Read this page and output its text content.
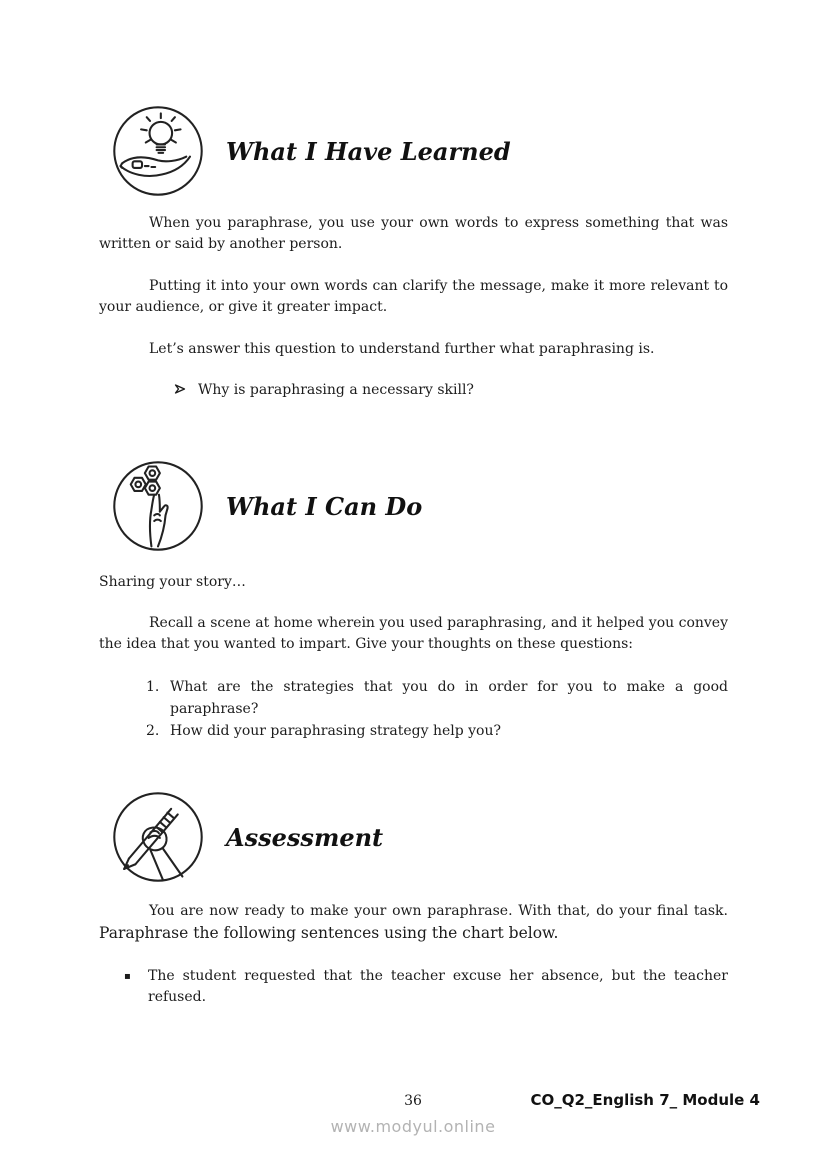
What I Have Learned
When you paraphrase, you use your own words to express something that was written or said by another person.
Putting it into your own words can clarify the message, make it more relevant to your audience, or give it greater impact.
Let’s answer this question to understand further what paraphrasing is.
Why is paraphrasing a necessary skill?
What I Can Do
Sharing your story…
Recall a scene at home wherein you used paraphrasing, and it helped you convey the idea that you wanted to impart. Give your thoughts on these questions:
1. What are the strategies that you do in order for you to make a good paraphrase?
2. How did your paraphrasing strategy help you?
Assessment
You are now ready to make your own paraphrase. With that, do your final task.
Paraphrase the following sentences using the chart below.
▪	The student requested that the teacher excuse her absence, but the teacher refused.
36	CO_Q2_English 7_ Module 4
www.modyul.online
